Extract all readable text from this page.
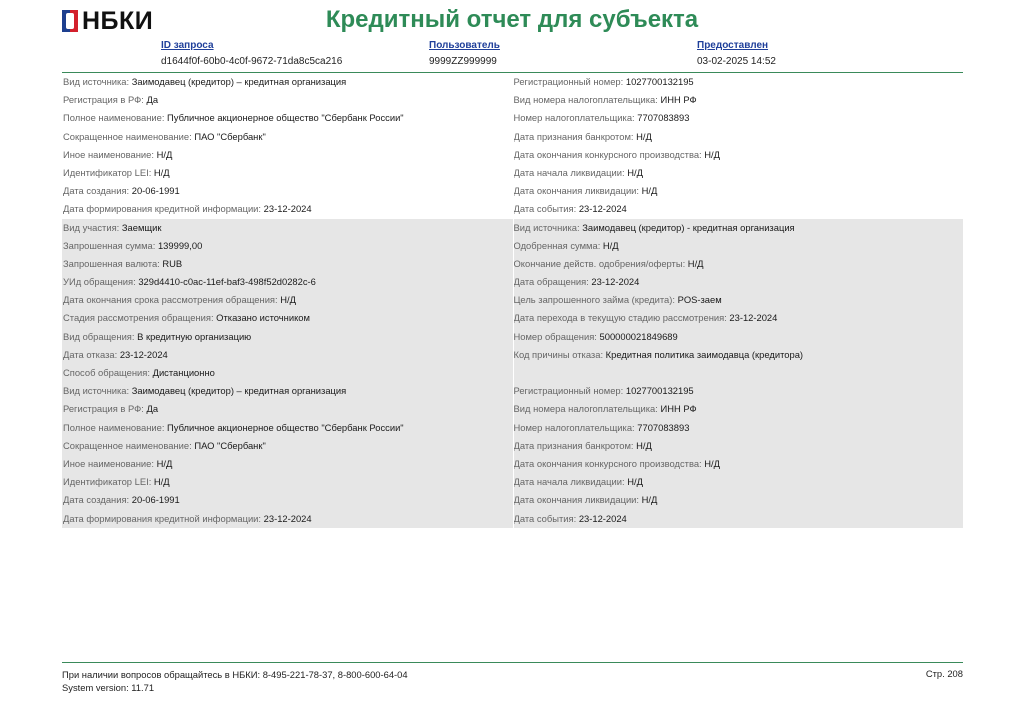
НБКИ	Кредитный отчет для субъекта
ID запроса
d1644f0f-60b0-4c0f-9672-71da8c5ca216
Пользователь
9999ZZ999999
Предоставлен
03-02-2025 14:52
Вид источника: Заимодавец (кредитор) – кредитная организация	Регистрационный номер: 1027700132195
Регистрация в РФ: Да	Вид номера налогоплательщика: ИНН РФ
Полное наименование: Публичное акционерное общество "Сбербанк России"	Номер налогоплательщика: 7707083893
Сокращенное наименование: ПАО "Сбербанк"	Дата признания банкротом: Н/Д
Иное наименование: Н/Д	Дата окончания конкурсного производства: Н/Д
Идентификатор LEI: Н/Д	Дата начала ликвидации: Н/Д
Дата создания: 20-06-1991	Дата окончания ликвидации: Н/Д
Дата формирования кредитной информации: 23-12-2024	Дата события: 23-12-2024
Вид участия: Заемщик	Вид источника: Заимодавец (кредитор) - кредитная организация
Запрошенная сумма: 139999,00	Одобренная сумма: Н/Д
Запрошенная валюта: RUB	Окончание действ. одобрения/оферты: Н/Д
УИд обращения: 329d4410-c0ac-11ef-baf3-498f52d0282c-6	Дата обращения: 23-12-2024
Дата окончания срока рассмотрения обращения: Н/Д	Цель запрошенного займа (кредита): POS-заем
Стадия рассмотрения обращения: Отказано источником	Дата перехода в текущую стадию рассмотрения: 23-12-2024
Вид обращения: В кредитную организацию	Номер обращения: 500000021849689
Дата отказа: 23-12-2024	Код причины отказа: Кредитная политика заимодавца (кредитора)
Способ обращения: Дистанционно
Вид источника: Заимодавец (кредитор) – кредитная организация	Регистрационный номер: 1027700132195
Регистрация в РФ: Да	Вид номера налогоплательщика: ИНН РФ
Полное наименование: Публичное акционерное общество "Сбербанк России"	Номер налогоплательщика: 7707083893
Сокращенное наименование: ПАО "Сбербанк"	Дата признания банкротом: Н/Д
Иное наименование: Н/Д	Дата окончания конкурсного производства: Н/Д
Идентификатор LEI: Н/Д	Дата начала ликвидации: Н/Д
Дата создания: 20-06-1991	Дата окончания ликвидации: Н/Д
Дата формирования кредитной информации: 23-12-2024	Дата события: 23-12-2024
При наличии вопросов обращайтесь в НБКИ: 8-495-221-78-37, 8-800-600-64-04
System version: 11.71
Стр. 208
